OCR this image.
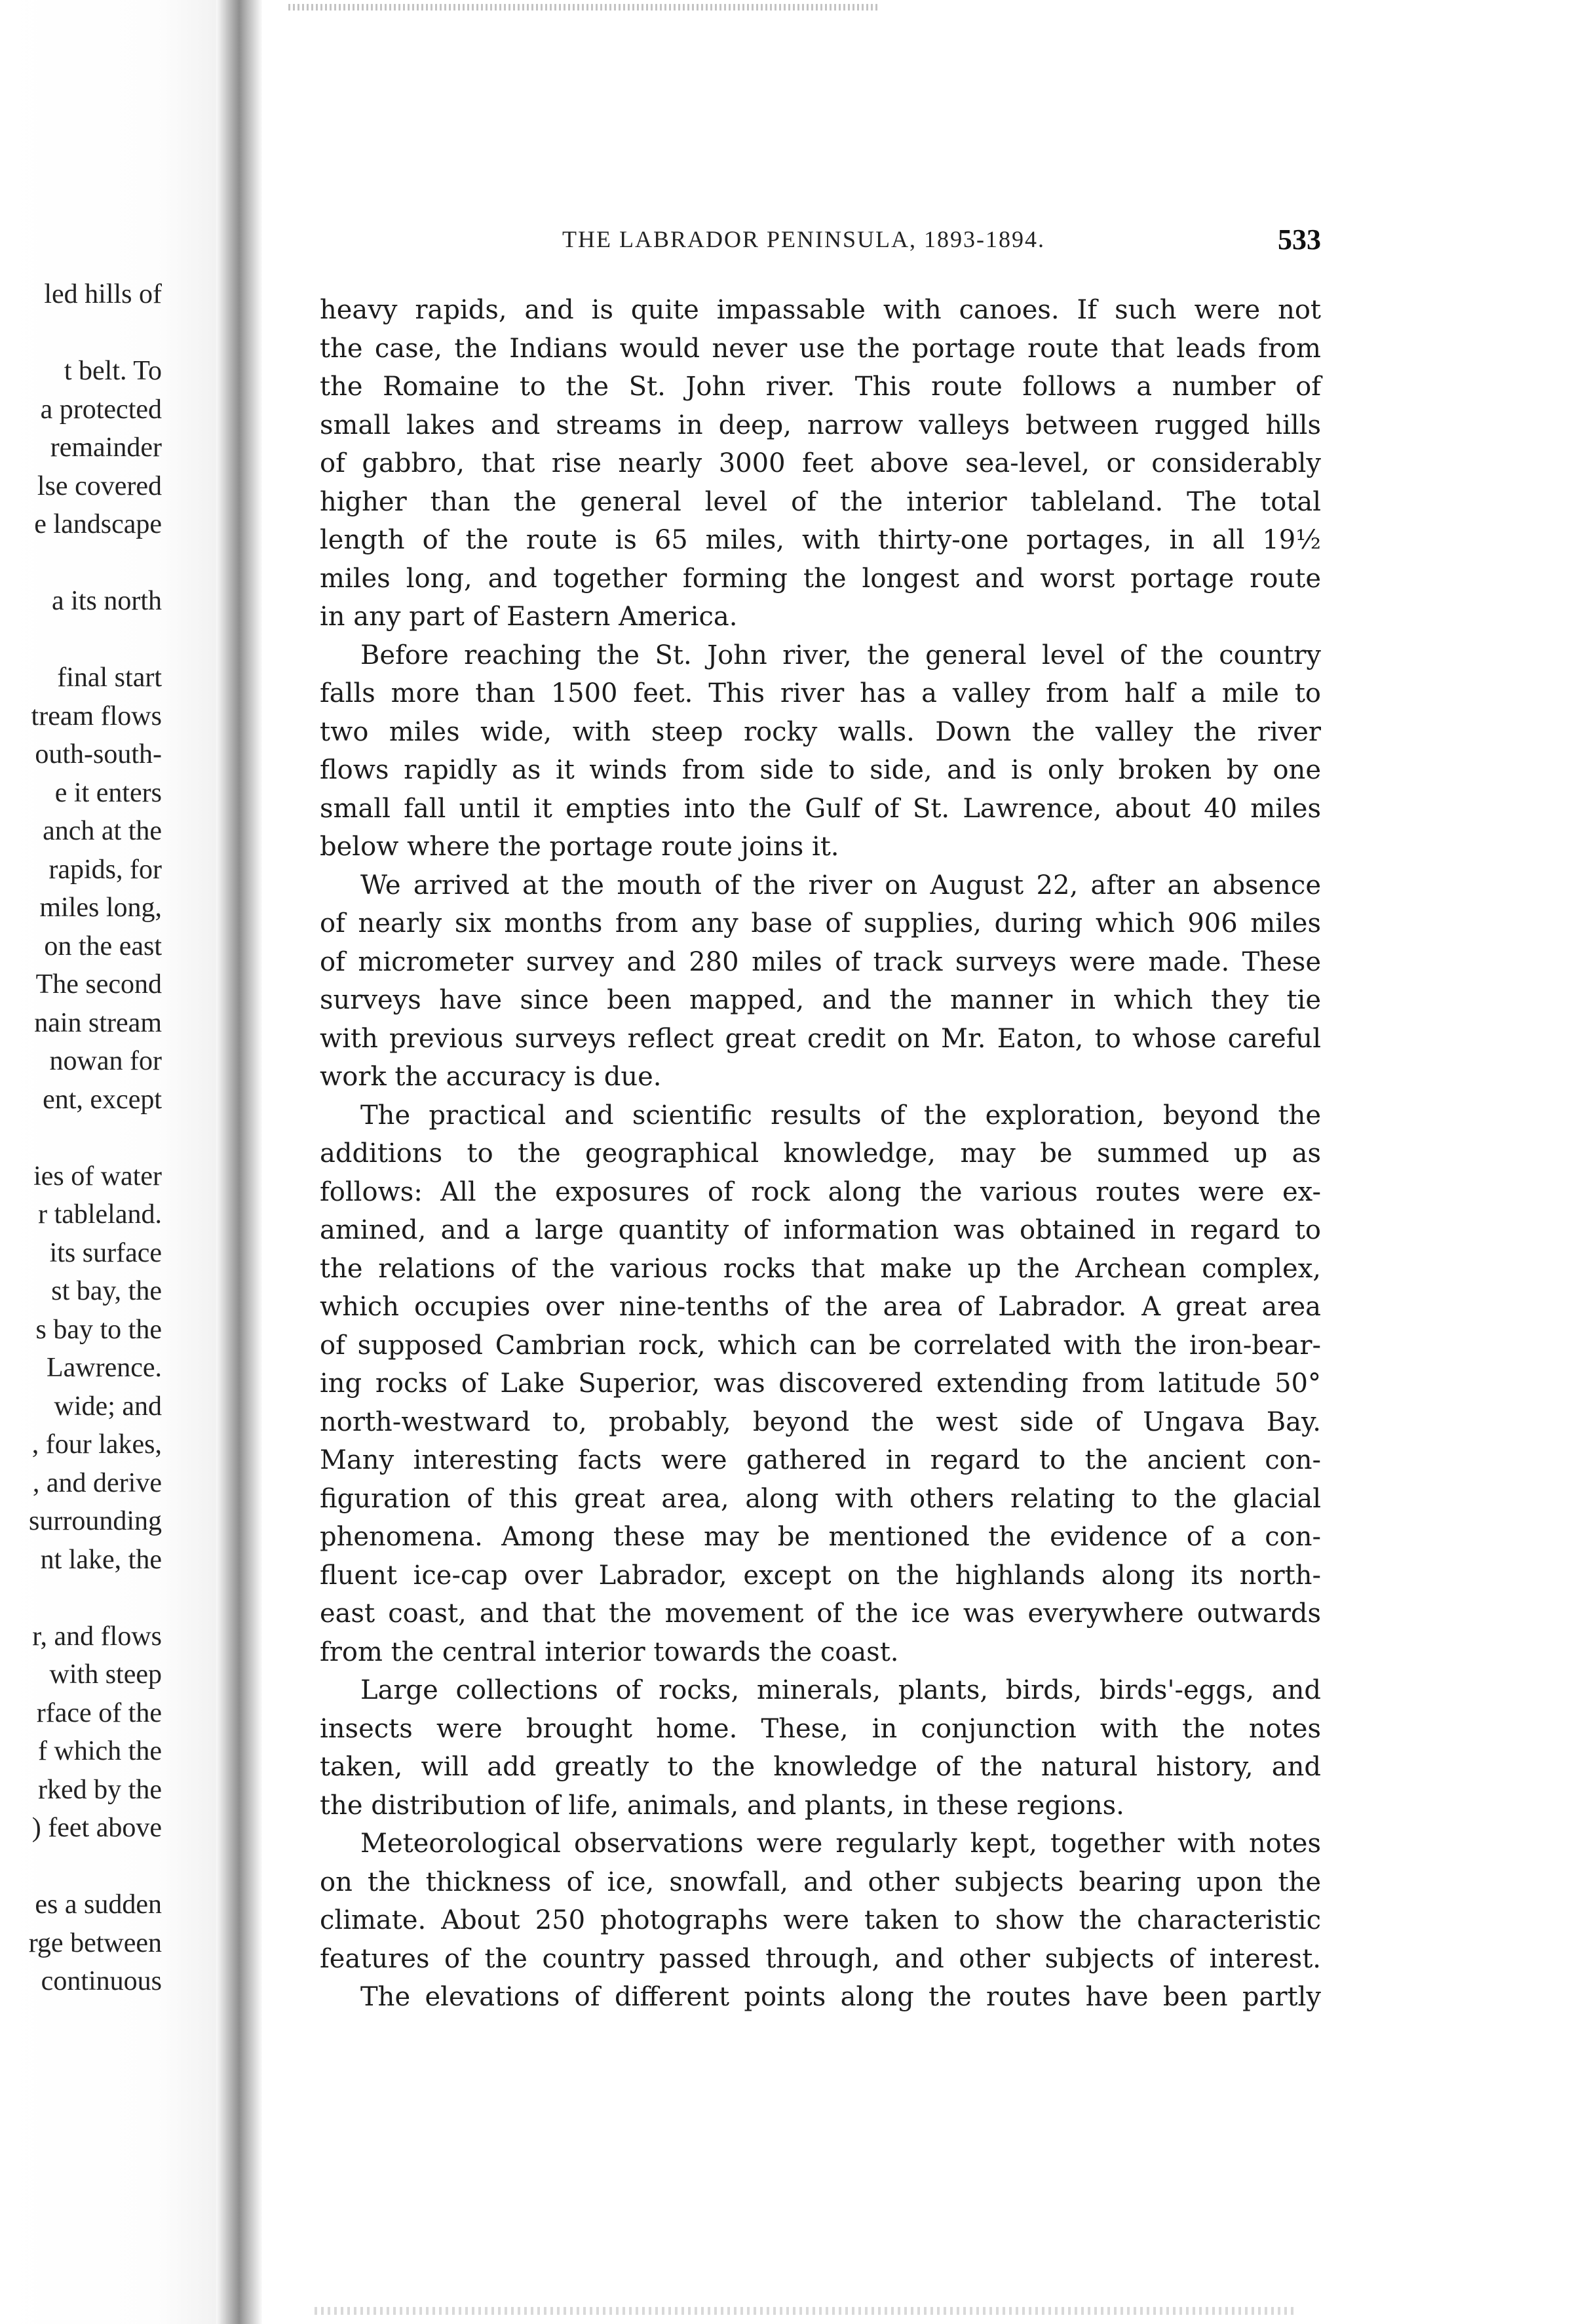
led hills of
t belt. To
a protected
remainder
lse covered
e landscape
a its north
final start
tream flows
outh-south-
e it enters
anch at the
rapids, for
miles long,
on the east
The second
nain stream
nowan for
ent, except
ies of water
r tableland.
its surface
st bay, the
s bay to the
Lawrence.
wide; and
, four lakes,
, and derive
surrounding
nt lake, the
r, and flows
with steep
rface of the
f which the
rked by the
) feet above
es a sudden
rge between
continuous
THE LABRADOR PENINSULA, 1893-1894.	533
heavy rapids, and is quite impassable with canoes. If such were not
the case, the Indians would never use the portage route that leads from
the Romaine to the St. John river. This route follows a number of
small lakes and streams in deep, narrow valleys between rugged hills
of gabbro, that rise nearly 3000 feet above sea-level, or considerably
higher than the general level of the interior tableland. The total
length of the route is 65 miles, with thirty-one portages, in all 19½
miles long, and together forming the longest and worst portage route
in any part of Eastern America.
Before reaching the St. John river, the general level of the country
falls more than 1500 feet. This river has a valley from half a mile to
two miles wide, with steep rocky walls. Down the valley the river
flows rapidly as it winds from side to side, and is only broken by one
small fall until it empties into the Gulf of St. Lawrence, about 40 miles
below where the portage route joins it.
We arrived at the mouth of the river on August 22, after an absence
of nearly six months from any base of supplies, during which 906 miles
of micrometer survey and 280 miles of track surveys were made. These
surveys have since been mapped, and the manner in which they tie
with previous surveys reflect great credit on Mr. Eaton, to whose careful
work the accuracy is due.
The practical and scientific results of the exploration, beyond the
additions to the geographical knowledge, may be summed up as
follows: All the exposures of rock along the various routes were ex-
amined, and a large quantity of information was obtained in regard to
the relations of the various rocks that make up the Archean complex,
which occupies over nine-tenths of the area of Labrador. A great area
of supposed Cambrian rock, which can be correlated with the iron-bear-
ing rocks of Lake Superior, was discovered extending from latitude 50°
north-westward to, probably, beyond the west side of Ungava Bay.
Many interesting facts were gathered in regard to the ancient con-
figuration of this great area, along with others relating to the glacial
phenomena. Among these may be mentioned the evidence of a con-
fluent ice-cap over Labrador, except on the highlands along its north-
east coast, and that the movement of the ice was everywhere outwards
from the central interior towards the coast.
Large collections of rocks, minerals, plants, birds, birds'-eggs, and
insects were brought home. These, in conjunction with the notes
taken, will add greatly to the knowledge of the natural history, and
the distribution of life, animals, and plants, in these regions.
Meteorological observations were regularly kept, together with notes
on the thickness of ice, snowfall, and other subjects bearing upon the
climate. About 250 photographs were taken to show the characteristic
features of the country passed through, and other subjects of interest.
The elevations of different points along the routes have been partly
